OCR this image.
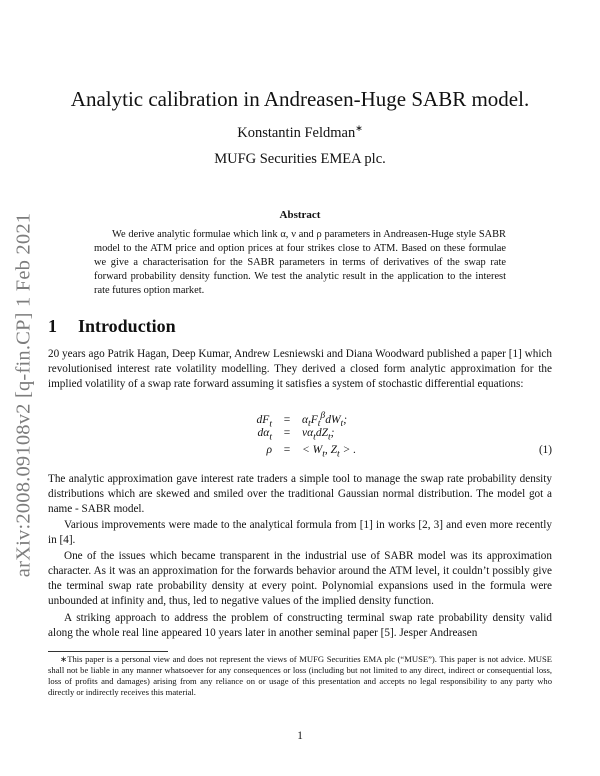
arXiv:2008.09108v2 [q-fin.CP] 1 Feb 2021
Analytic calibration in Andreasen-Huge SABR model.
Konstantin Feldman∗
MUFG Securities EMEA plc.
Abstract

We derive analytic formulae which link α, ν and ρ parameters in Andreasen-Huge style SABR model to the ATM price and option prices at four strikes close to ATM. Based on these formulae we give a characterisation for the SABR parameters in terms of derivatives of the swap rate forward probability density function. We test the analytic result in the application to the interest rate futures option market.

1 Introduction

20 years ago Patrik Hagan, Deep Kumar, Andrew Lesniewski and Diana Woodward published a paper [1] which revolutionised interest rate volatility modelling. They derived a closed form analytic approximation for the implied volatility of a swap rate forward assuming it satisfies a system of stochastic differential equations:

$dF_t = \alpha_tF_t^\beta dW_t$;
$d\alpha_t = \nu\alpha_tdZ_t$;
ρ = < $W_t$, $Z_t$ > .	(1)

The analytic approximation gave interest rate traders a simple tool to manage the swap rate probability density distributions which are skewed and smiled over the traditional Gaussian normal distribution. The model got a name - SABR model.

Various improvements were made to the analytical formula from [1] in works [2, 3] and even more recently in [4].

One of the issues which became transparent in the industrial use of SABR model was its approximation character. As it was an approximation for the forwards behavior around the ATM level, it couldn’t possibly give the terminal swap rate probability density at every point. Polynomial expansions used in the formula were unbounded at infinity and, thus, led to negative values of the implied density function.

A striking approach to address the problem of constructing terminal swap rate probability density valid along the whole real line appeared 10 years later in another seminal paper [5]. Jesper Andreasen

∗This paper is a personal view and does not represent the views of MUFG Securities EMA plc (“MUSE”). This paper is not advice. MUSE shall not be liable in any manner whatsoever for any consequences or loss (including but not limited to any direct, indirect or consequential loss, loss of profits and damages) arising from any reliance on or usage of this presentation and accepts no legal responsibility to any party who directly or indirectly receives this material.

1
